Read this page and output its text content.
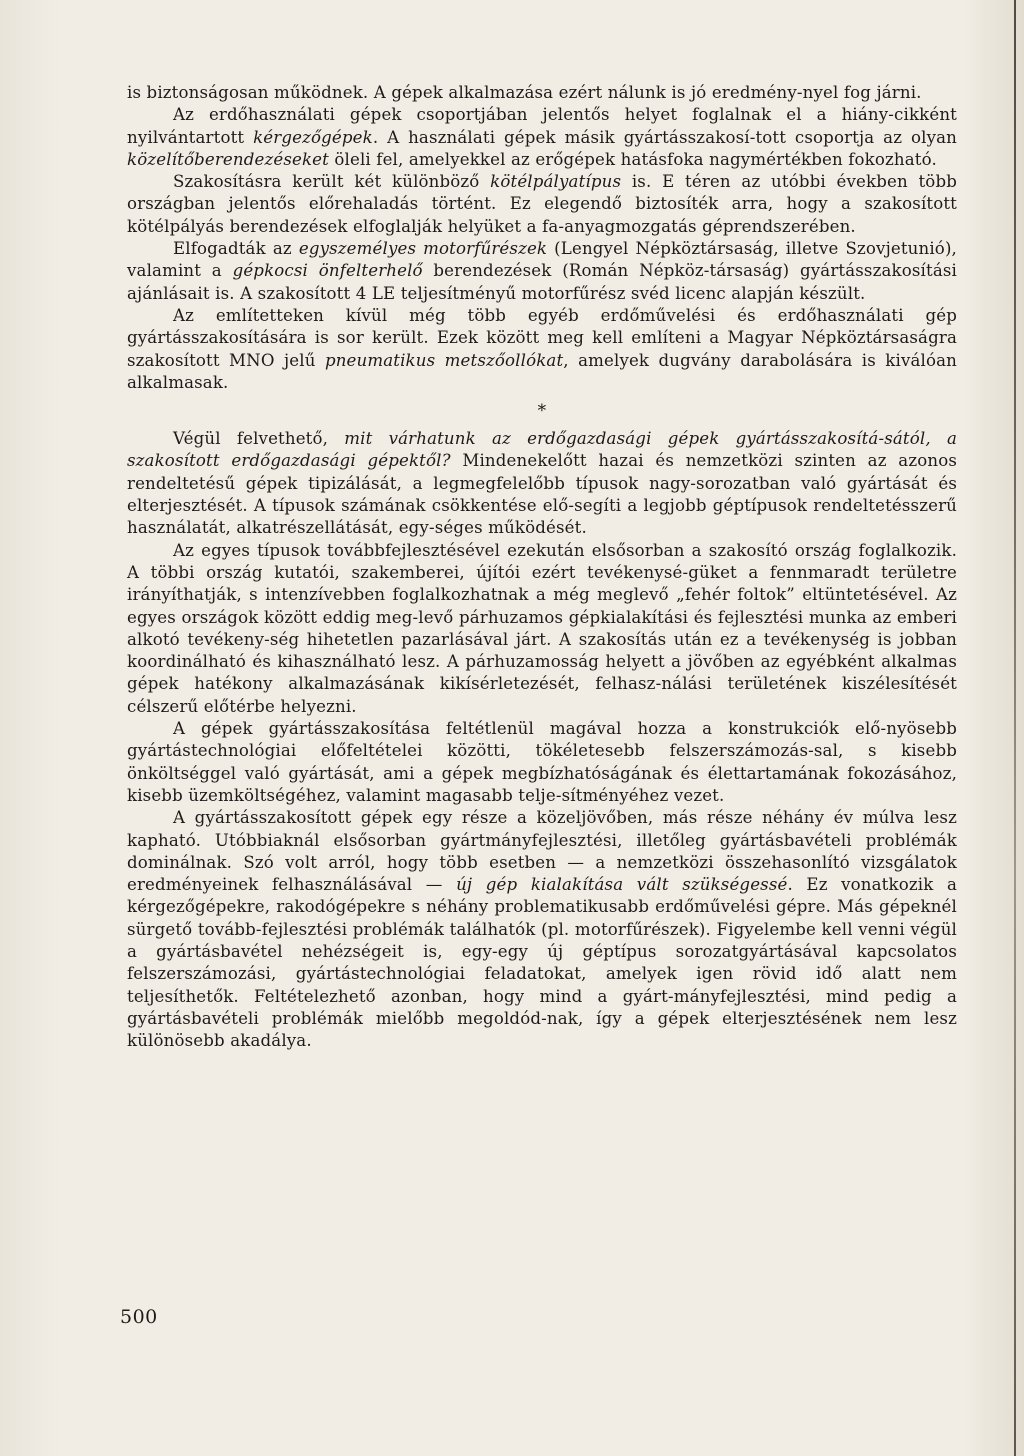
is biztonságosan működnek. A gépek alkalmazása ezért nálunk is jó eredmény-nyel fog járni.

Az erdőhasználati gépek csoportjában jelentős helyet foglalnak el a hiány-cikként nyilvántartott kérgezőgépek. A használati gépek másik gyártásszakosí-tott csoportja az olyan közelítőberendezéseket öleli fel, amelyekkel az erőgépek hatásfoka nagymértékben fokozható.

Szakosításra került két különböző kötélpályatípus is. E téren az utóbbi években több országban jelentős előrehaladás történt. Ez elegendő biztosíték arra, hogy a szakosított kötélpályás berendezések elfoglalják helyüket a fa-anyagmozgatás géprendszerében.

Elfogadták az egyszemélyes motorfűrészek (Lengyel Népköztársaság, illetve Szovjetunió), valamint a gépkocsi önfelterhelő berendezések (Román Népköz-társaság) gyártásszakosítási ajánlásait is. A szakosított 4 LE teljesítményű motorfűrész svéd licenc alapján készült.

Az említetteken kívül még több egyéb erdőművelési és erdőhasználati gép gyártásszakosítására is sor került. Ezek között meg kell említeni a Magyar Népköztársaságra szakosított MNO jelű pneumatikus metszőollókat, amelyek dugvány darabolására is kiválóan alkalmasak.

*

Végül felvethető, mit várhatunk az erdőgazdasági gépek gyártásszakosítá-sától, a szakosított erdőgazdasági gépektől? Mindenekelőtt hazai és nemzetközi szinten az azonos rendeltetésű gépek tipizálását, a legmegfelelőbb típusok nagy-sorozatban való gyártását és elterjesztését. A típusok számának csökkentése elő-segíti a legjobb géptípusok rendeltetésszerű használatát, alkatrészellátását, egy-séges működését.

Az egyes típusok továbbfejlesztésével ezekután elsősorban a szakosító ország foglalkozik. A többi ország kutatói, szakemberei, újítói ezért tevékenysé-güket a fennmaradt területre irányíthatják, s intenzívebben foglalkozhatnak a még meglevő „fehér foltok” eltüntetésével. Az egyes országok között eddig meg-levő párhuzamos gépkialakítási és fejlesztési munka az emberi alkotó tevékeny-ség hihetetlen pazarlásával járt. A szakosítás után ez a tevékenység is jobban koordinálható és kihasználható lesz. A párhuzamosság helyett a jövőben az egyébként alkalmas gépek hatékony alkalmazásának kikísérletezését, felhasz-nálási területének kiszélesítését célszerű előtérbe helyezni.

A gépek gyártásszakosítása feltétlenül magával hozza a konstrukciók elő-nyösebb gyártástechnológiai előfeltételei közötti, tökéletesebb felszerszámozás-sal, s kisebb önköltséggel való gyártását, ami a gépek megbízhatóságának és élettartamának fokozásához, kisebb üzemköltségéhez, valamint magasabb telje-sítményéhez vezet.

A gyártásszakosított gépek egy része a közeljövőben, más része néhány év múlva lesz kapható. Utóbbiaknál elsősorban gyártmányfejlesztési, illetőleg gyártásbavételi problémák dominálnak. Szó volt arról, hogy több esetben — a nemzetközi összehasonlító vizsgálatok eredményeinek felhasználásával — új gép kialakítása vált szükségessé. Ez vonatkozik a kérgezőgépekre, rakodógépekre s néhány problematikusabb erdőművelési gépre. Más gépeknél sürgető tovább-fejlesztési problémák találhatók (pl. motorfűrészek). Figyelembe kell venni végül a gyártásbavétel nehézségeit is, egy-egy új géptípus sorozatgyártásával kapcsolatos felszerszámozási, gyártástechnológiai feladatokat, amelyek igen rövid idő alatt nem teljesíthetők. Feltételezhető azonban, hogy mind a gyárt-mányfejlesztési, mind pedig a gyártásbavételi problémák mielőbb megoldód-nak, így a gépek elterjesztésének nem lesz különösebb akadálya.

500
